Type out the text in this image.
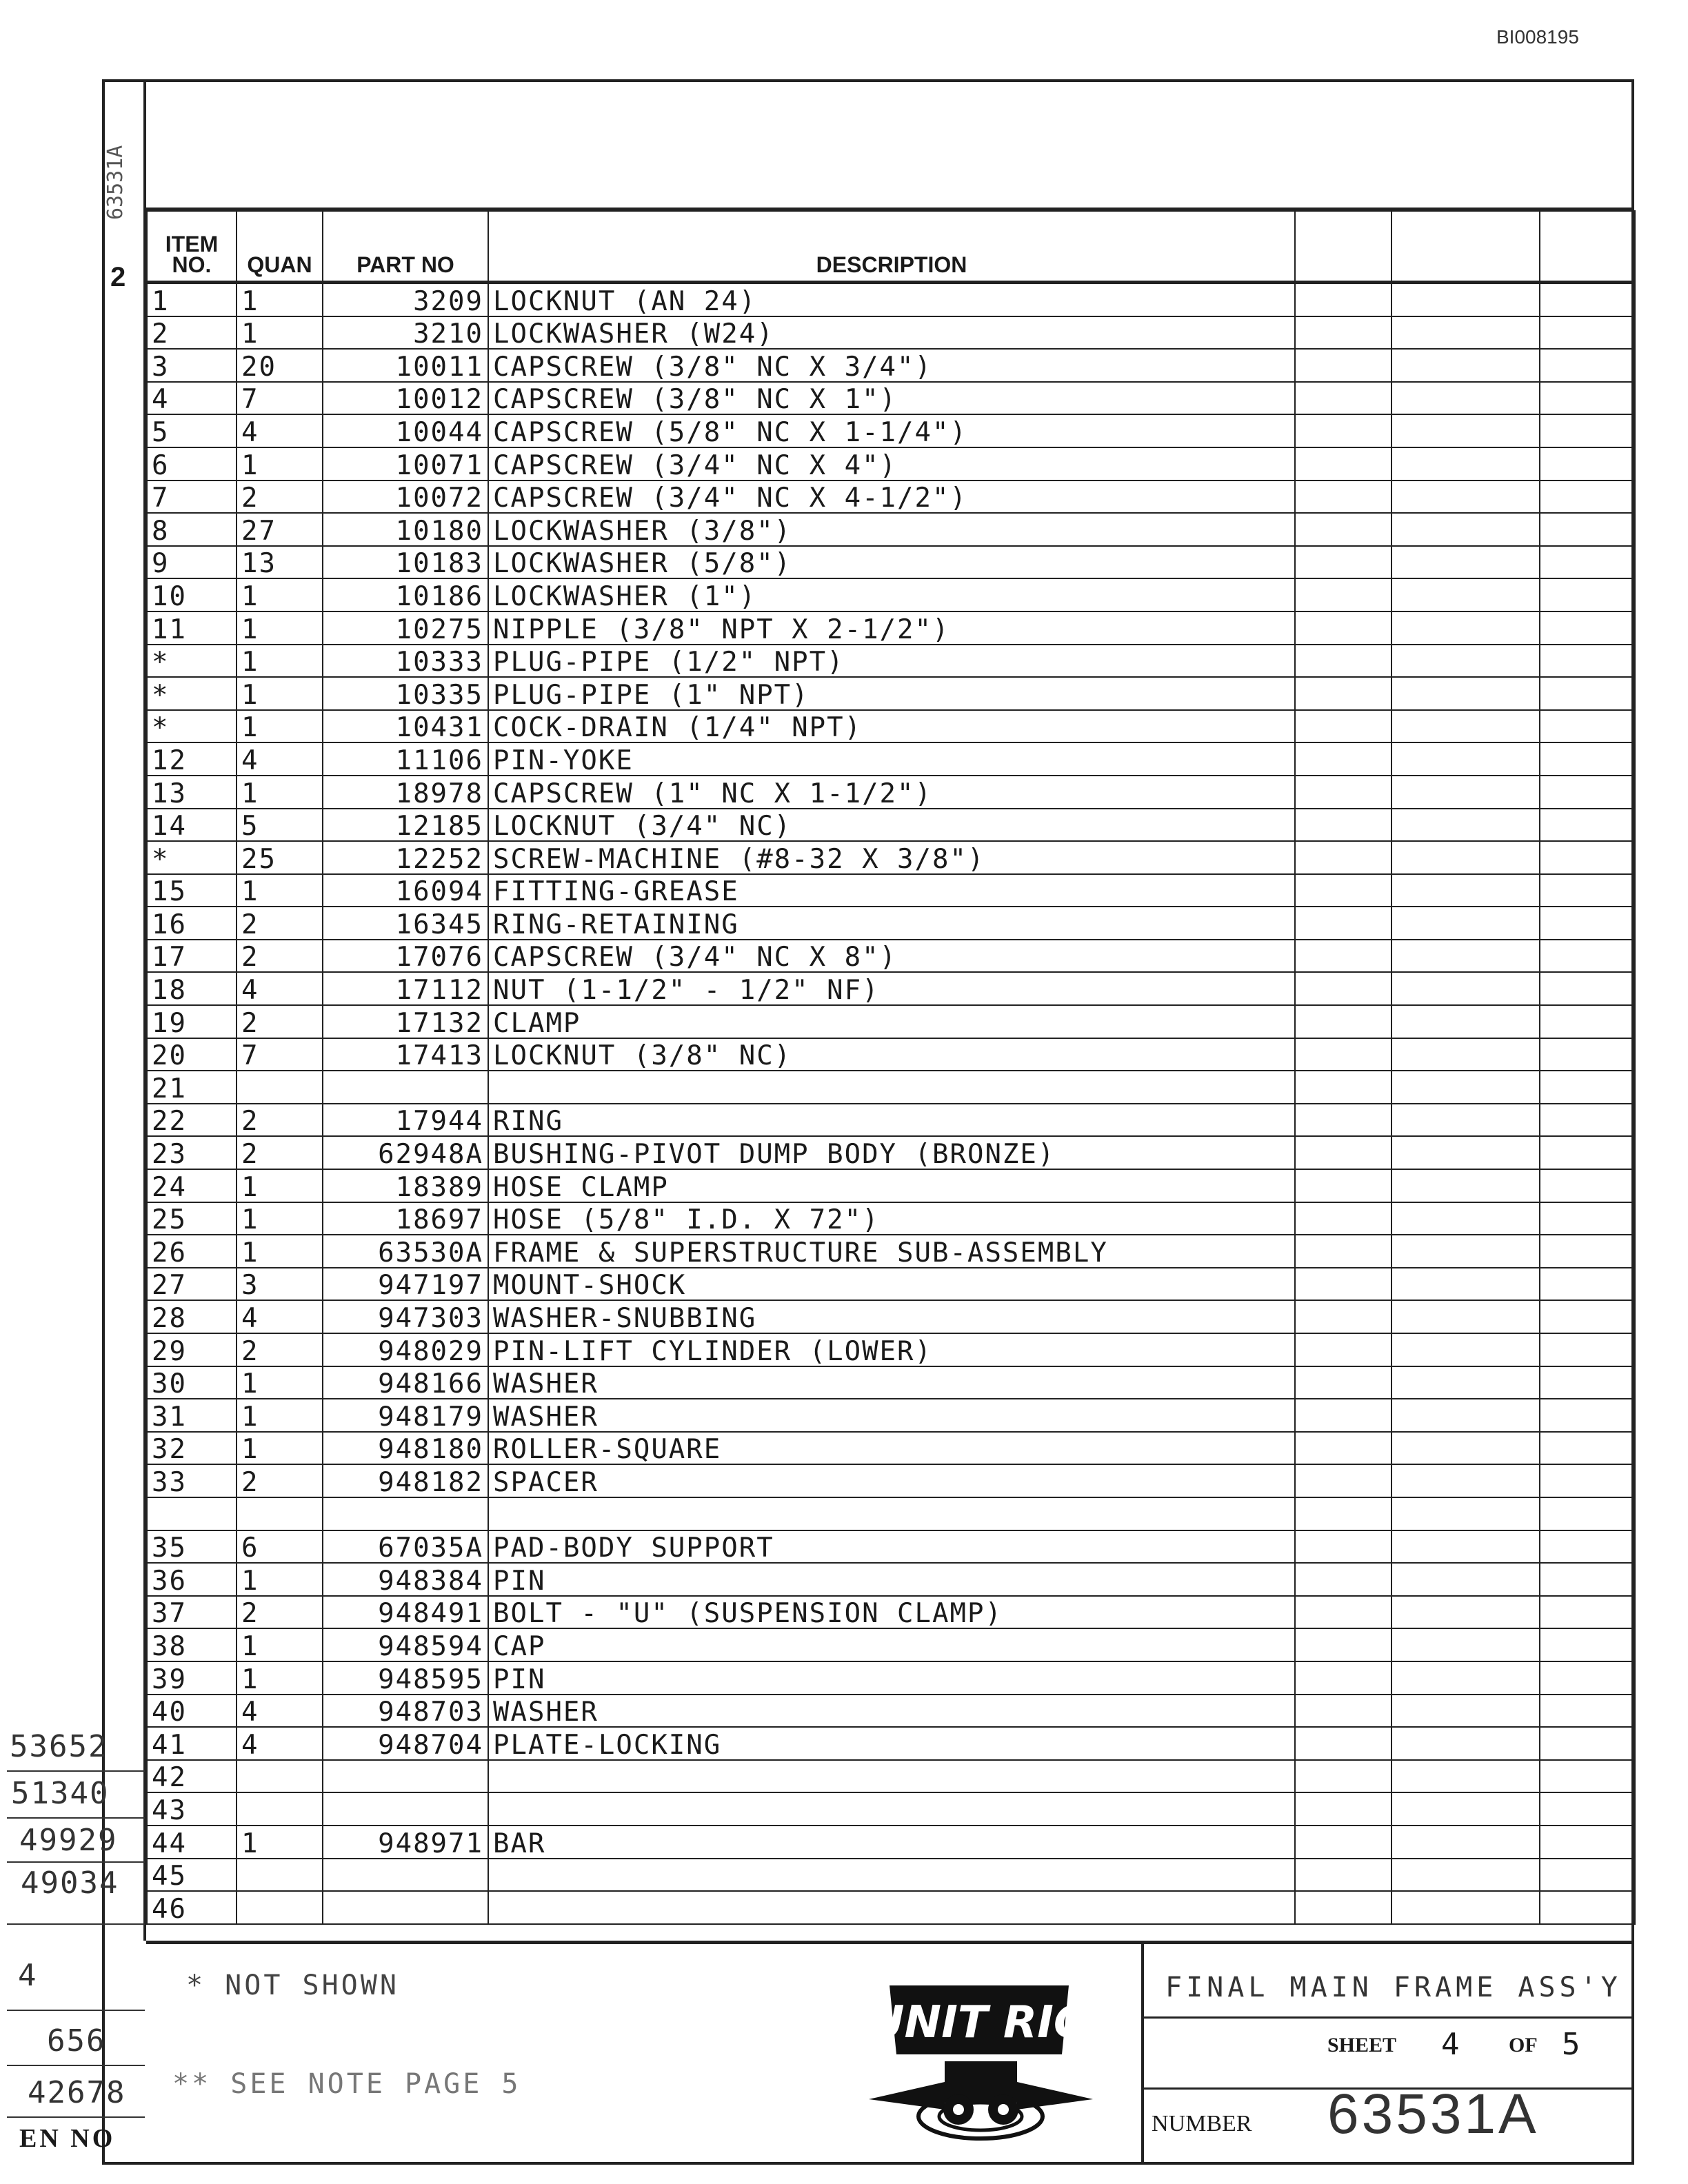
BI008195
63531A
2
ITEM NO.	QUAN	PART NO	DESCRIPTION			
1	1	3209	LOCKNUT (AN 24)				
2	1	3210	LOCKWASHER (W24)				
3	20	10011	CAPSCREW (3/8" NC X 3/4")				
4	7	10012	CAPSCREW (3/8" NC X 1")				
5	4	10044	CAPSCREW (5/8" NC X 1-1/4")				
6	1	10071	CAPSCREW (3/4" NC X 4")				
7	2	10072	CAPSCREW (3/4" NC X 4-1/2")				
8	27	10180	LOCKWASHER (3/8")				
9	13	10183	LOCKWASHER (5/8")				
10	1	10186	LOCKWASHER (1")				
11	1	10275	NIPPLE (3/8" NPT X 2-1/2")				
*	1	10333	PLUG-PIPE (1/2" NPT)				
*	1	10335	PLUG-PIPE (1" NPT)				
*	1	10431	COCK-DRAIN (1/4" NPT)				
12	4	11106	PIN-YOKE				
13	1	18978	CAPSCREW (1" NC X 1-1/2")				
14	5	12185	LOCKNUT (3/4" NC)				
*	25	12252	SCREW-MACHINE (#8-32 X 3/8")				
15	1	16094	FITTING-GREASE				
16	2	16345	RING-RETAINING				
17	2	17076	CAPSCREW (3/4" NC X 8")				
18	4	17112	NUT (1-1/2" - 1/2" NF)				
19	2	17132	CLAMP				
20	7	17413	LOCKNUT (3/8" NC)				
21							
22	2	17944	RING				
23	2	62948A	BUSHING-PIVOT DUMP BODY (BRONZE)				
24	1	18389	HOSE CLAMP				
25	1	18697	HOSE (5/8" I.D. X 72")				
26	1	63530A	FRAME & SUPERSTRUCTURE SUB-ASSEMBLY				
27	3	947197	MOUNT-SHOCK				
28	4	947303	WASHER-SNUBBING				
29	2	948029	PIN-LIFT CYLINDER (LOWER)				
30	1	948166	WASHER				
31	1	948179	WASHER				
32	1	948180	ROLLER-SQUARE				
33	2	948182	SPACER				

35	6	67035A	PAD-BODY SUPPORT				
36	1	948384	PIN				
37	2	948491	BOLT - "U" (SUSPENSION CLAMP)				
38	1	948594	CAP				
39	1	948595	PIN				
40	4	948703	WASHER				
41	4	948704	PLATE-LOCKING				
42							
43							
44	1	948971	BAR				
45							
46							
* NOT SHOWN
** SEE NOTE PAGE 5
UNIT RIG
FINAL MAIN FRAME ASS'Y
SHEET 4 OF 5
NUMBER 63531A
53652
51340
49929
49034
4
656
42678
EN NO
